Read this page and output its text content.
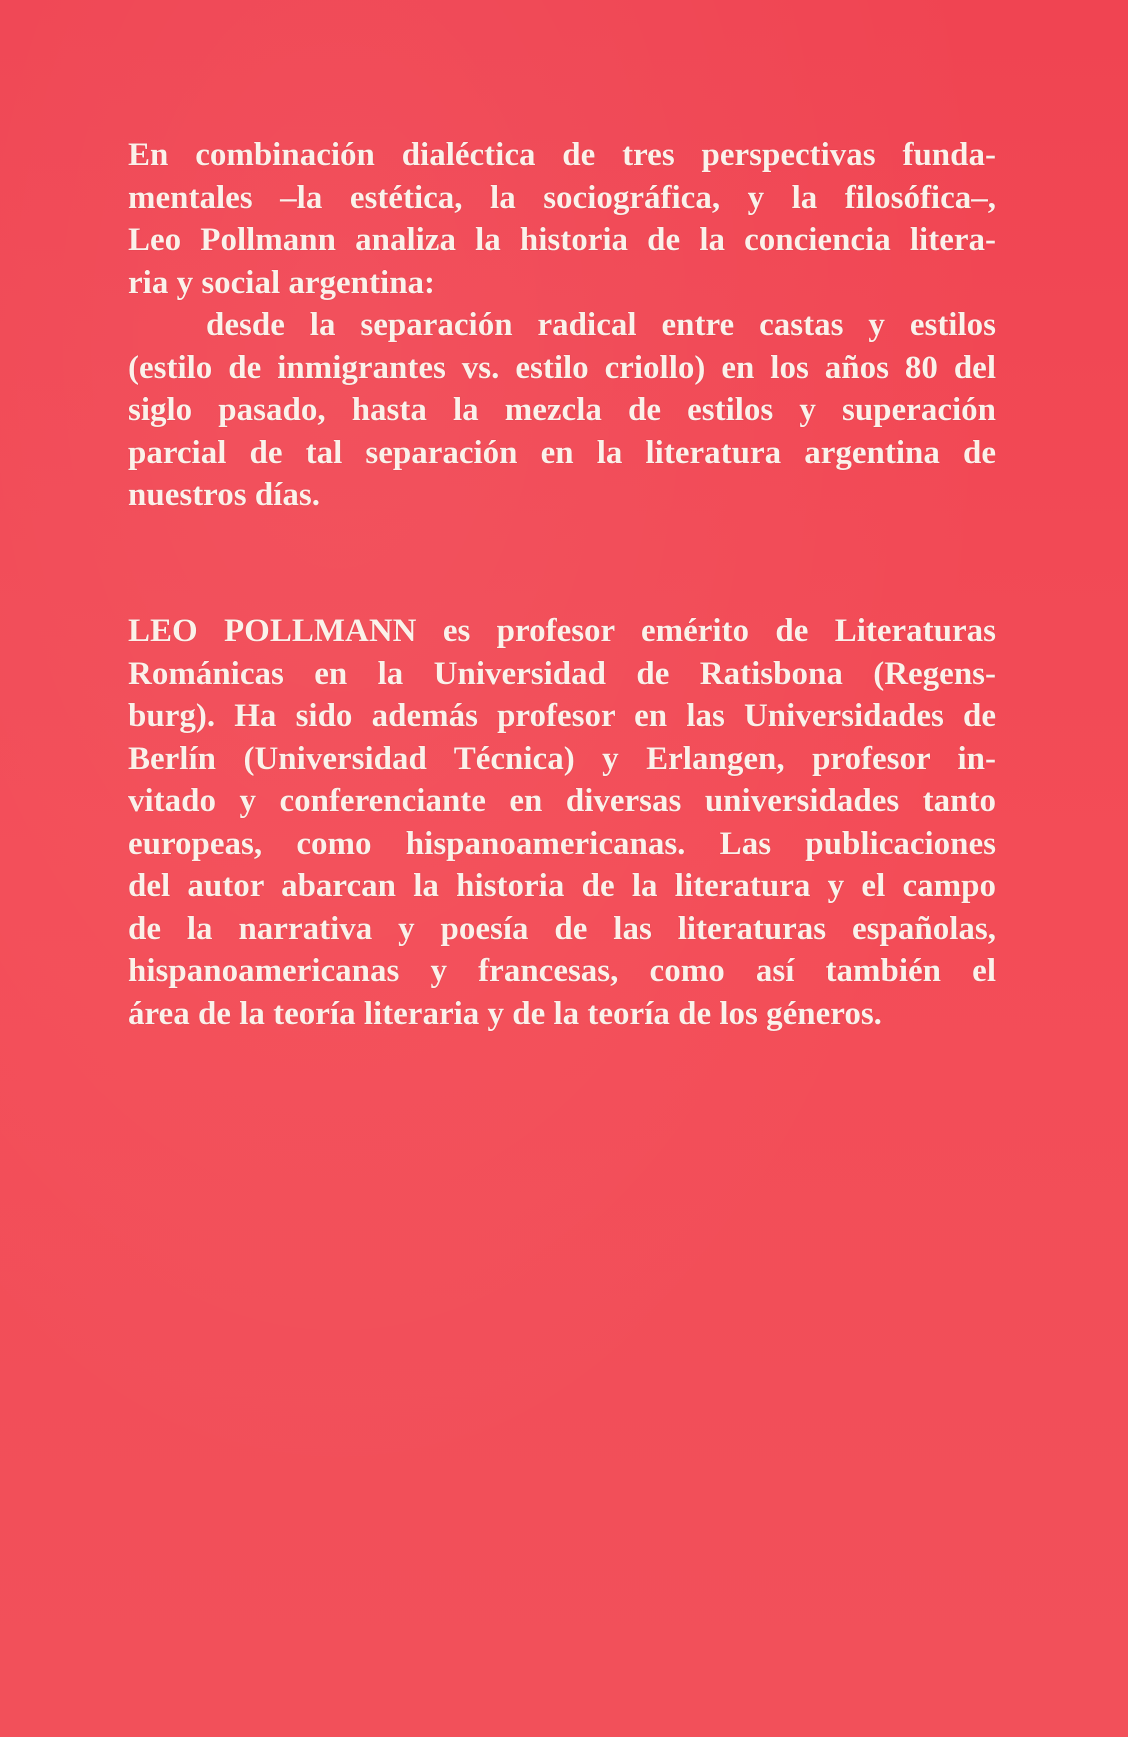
En combinación dialéctica de tres perspectivas funda-
mentales –la estética, la sociográfica, y la filosófica–,
Leo Pollmann analiza la historia de la conciencia litera-
ria y social argentina:
desde la separación radical entre castas y estilos
(estilo de inmigrantes vs. estilo criollo) en los años 80 del
siglo pasado, hasta la mezcla de estilos y superación
parcial de tal separación en la literatura argentina de
nuestros días.
LEO POLLMANN es profesor emérito de Literaturas
Románicas en la Universidad de Ratisbona (Regens-
burg). Ha sido además profesor en las Universidades de
Berlín (Universidad Técnica) y Erlangen, profesor in-
vitado y conferenciante en diversas universidades tanto
europeas, como hispanoamericanas. Las publicaciones
del autor abarcan la historia de la literatura y el campo
de la narrativa y poesía de las literaturas españolas,
hispanoamericanas y francesas, como así también el
área de la teoría literaria y de la teoría de los géneros.
